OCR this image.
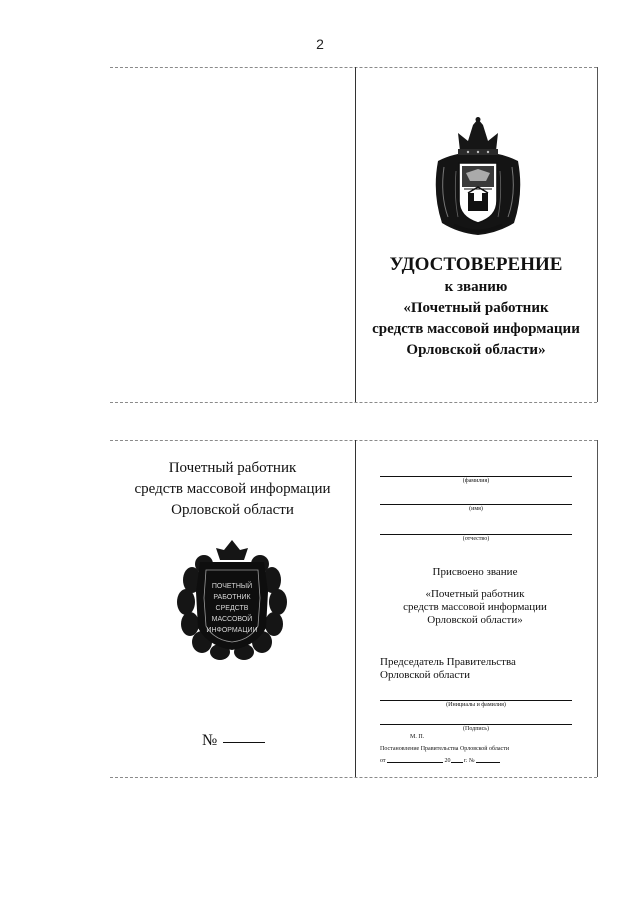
2
УДОСТОВЕРЕНИЕ
к званию
«Почетный работник
средств массовой информации
Орловской области»
Почетный работник
средств массовой информации
Орловской области
ПОЧЕТНЫЙ
РАБОТНИК
СРЕДСТВ
МАССОВОЙ
ИНФОРМАЦИИ
№
(фамилия)
(имя)
(отчество)
Присвоено звание
«Почетный работник
средств массовой информации
Орловской области»
Председатель Правительства
Орловской области
(Инициалы и фамилия)
(Подпись)
М. П.
Постановление Правительства Орловской области
от	20 г. №
